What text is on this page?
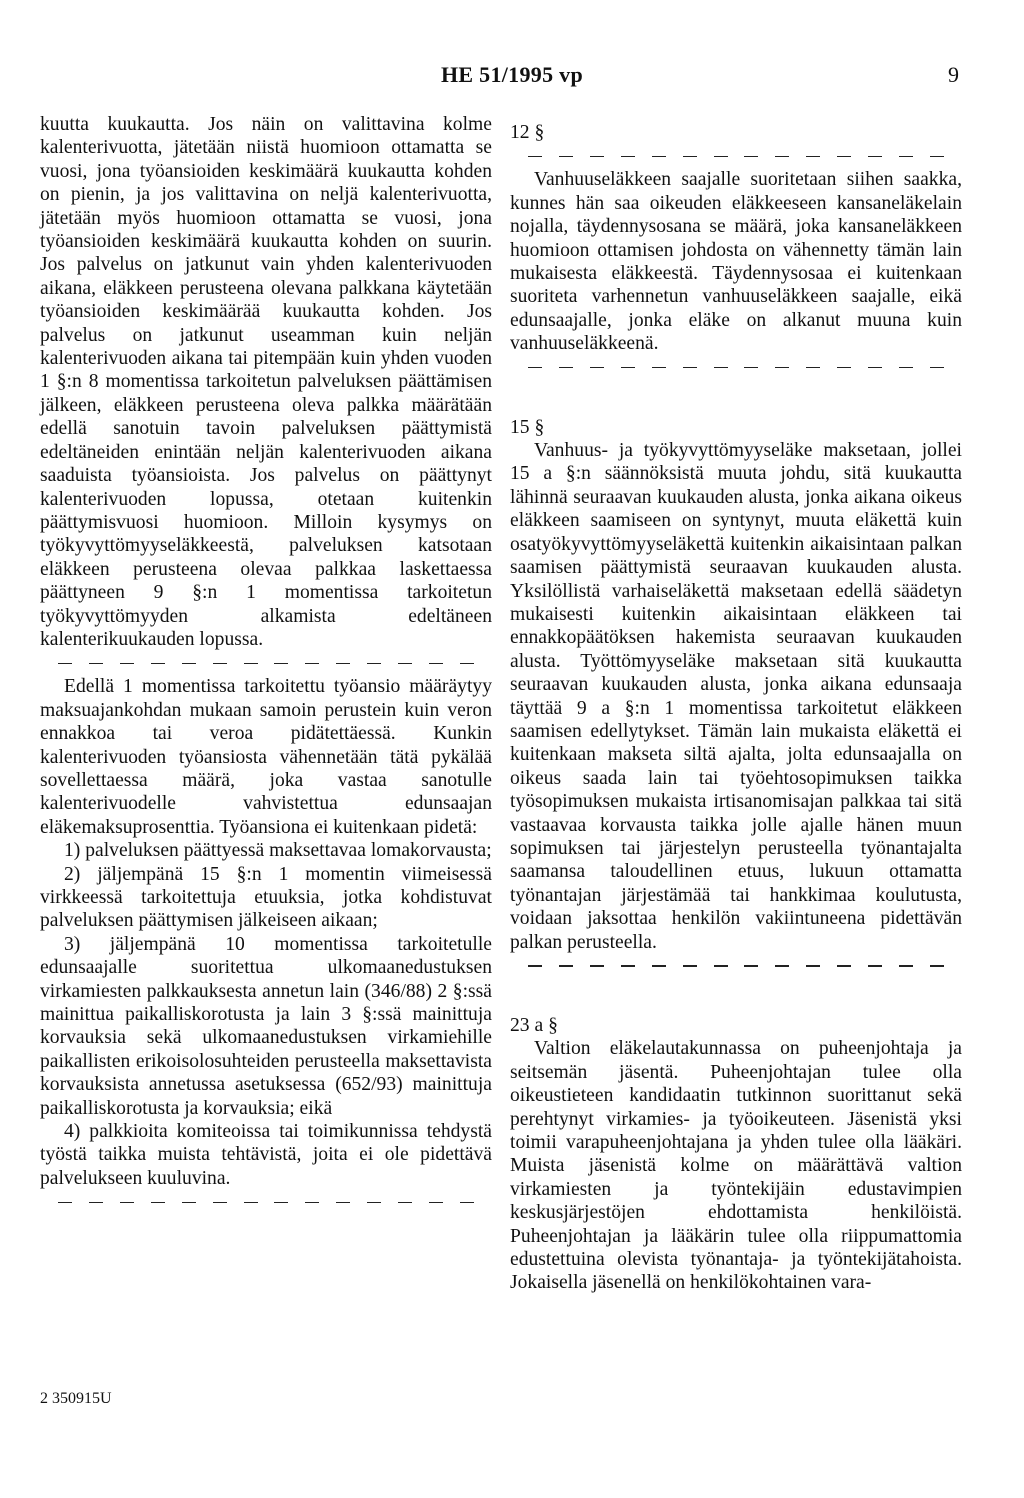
HE 51/1995 vp	9

kuutta kuukautta. Jos näin on valittavina kolme kalenterivuotta, jätetään niistä huomioon ottamatta se vuosi, jona työansioiden keskimäärä kuukautta kohden on pienin, ja jos valittavina on neljä kalenterivuotta, jätetään myös huomioon ottamatta se vuosi, jona työansioiden keskimäärä kuukautta kohden on suurin. Jos palvelus on jatkunut vain yhden kalenterivuoden aikana, eläkkeen perusteena olevana palkkana käytetään työansioiden keskimäärää kuukautta kohden. Jos palvelus on jatkunut useamman kuin neljän kalenterivuoden aikana tai pitempään kuin yhden vuoden 1 §:n 8 momentissa tarkoitetun palveluksen päättämisen jälkeen, eläkkeen perusteena oleva palkka määrätään edellä sanotuin tavoin palveluksen päättymistä edeltäneiden enintään neljän kalenterivuoden aikana saaduista työansioista. Jos palvelus on päättynyt kalenterivuoden lopussa, otetaan kuitenkin päättymisvuosi huomioon. Milloin kysymys on työkyvyttömyyseläkkeestä, palveluksen katsotaan eläkkeen perusteena olevaa palkkaa laskettaessa päättyneen 9 §:n 1 momentissa tarkoitetun työkyvyttömyyden alkamista edeltäneen kalenterikuukauden lopussa.

Edellä 1 momentissa tarkoitettu työansio määräytyy maksuajankohdan mukaan samoin perustein kuin veron ennakkoa tai veroa pidätettäessä. Kunkin kalenterivuoden työansiosta vähennetään tätä pykälää sovellettaessa määrä, joka vastaa sanotulle kalenterivuodelle vahvistettua edunsaajan eläkemaksuprosenttia. Työansiona ei kuitenkaan pidetä:

1) palveluksen päättyessä maksettavaa lomakorvausta;

2) jäljempänä 15 §:n 1 momentin viimeisessä virkkeessä tarkoitettuja etuuksia, jotka kohdistuvat palveluksen päättymisen jälkeiseen aikaan;

3) jäljempänä 10 momentissa tarkoitetulle edunsaajalle suoritettua ulkomaanedustuksen virkamiesten palkkauksesta annetun lain (346/88) 2 §:ssä mainittua paikalliskorotusta ja lain 3 §:ssä mainittuja korvauksia sekä ulkomaanedustuksen virkamiehille paikallisten erikoisolosuhteiden perusteella maksettavista korvauksista annetussa asetuksessa (652/93) mainittuja paikalliskorotusta ja korvauksia; eikä

4) palkkioita komiteoissa tai toimikunnissa tehdystä työstä taikka muista tehtävistä, joita ei ole pidettävä palvelukseen kuuluvina.

12 §

Vanhuuseläkkeen saajalle suoritetaan siihen saakka, kunnes hän saa oikeuden eläkkeeseen kansaneläkelain nojalla, täydennysosana se määrä, joka kansaneläkkeen huomioon ottamisen johdosta on vähennetty tämän lain mukaisesta eläkkeestä. Täydennysosaa ei kuitenkaan suoriteta varhennetun vanhuuseläkkeen saajalle, eikä edunsaajalle, jonka eläke on alkanut muuna kuin vanhuuseläkkeenä.

15 §

Vanhuus- ja työkyvyttömyyseläke maksetaan, jollei 15 a §:n säännöksistä muuta johdu, sitä kuukautta lähinnä seuraavan kuukauden alusta, jonka aikana oikeus eläkkeen saamiseen on syntynyt, muuta eläkettä kuin osatyökyvyttömyyseläkettä kuitenkin aikaisintaan palkan saamisen päättymistä seuraavan kuukauden alusta. Yksilöllistä varhaiseläkettä maksetaan edellä säädetyn mukaisesti kuitenkin aikaisintaan eläkkeen tai ennakkopäätöksen hakemista seuraavan kuukauden alusta. Työttömyyseläke maksetaan sitä kuukautta seuraavan kuukauden alusta, jonka aikana edunsaaja täyttää 9 a §:n 1 momentissa tarkoitetut eläkkeen saamisen edellytykset. Tämän lain mukaista eläkettä ei kuitenkaan makseta siltä ajalta, jolta edunsaajalla on oikeus saada lain tai työehtosopimuksen taikka työsopimuksen mukaista irtisanomisajan palkkaa tai sitä vastaavaa korvausta taikka jolle ajalle hänen muun sopimuksen tai järjestelyn perusteella työnantajalta saamansa taloudellinen etuus, lukuun ottamatta työnantajan järjestämää tai hankkimaa koulutusta, voidaan jaksottaa henkilön vakiintuneena pidettävän palkan perusteella.

23 a §

Valtion eläkelautakunnassa on puheenjohtaja ja seitsemän jäsentä. Puheenjohtajan tulee olla oikeustieteen kandidaatin tutkinnon suorittanut sekä perehtynyt virkamies- ja työoikeuteen. Jäsenistä yksi toimii varapuheenjohtajana ja yhden tulee olla lääkäri. Muista jäsenistä kolme on määrättävä valtion virkamiesten ja työntekijäin edustavimpien keskusjärjestöjen ehdottamista henkilöistä. Puheenjohtajan ja lääkärin tulee olla riippumattomia edustettuina olevista työnantaja- ja työntekijätahoista. Jokaisella jäsenellä on henkilökohtainen vara-

2 350915U
